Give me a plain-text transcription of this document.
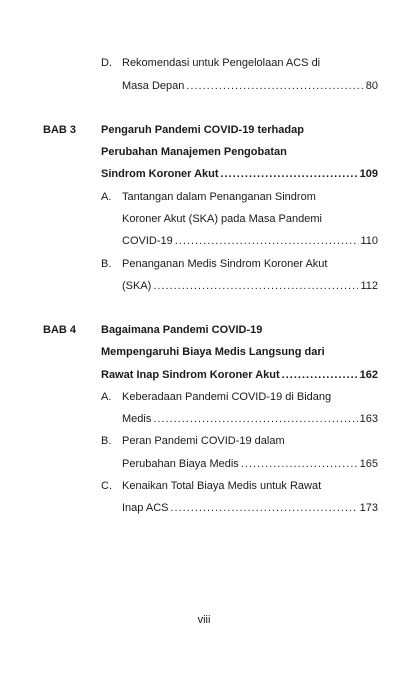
D. Rekomendasi untuk Pengelolaan ACS di
Masa Depan .....	80
BAB 3 Pengaruh Pandemi COVID-19 terhadap
Perubahan Manajemen Pengobatan
Sindrom Koroner Akut .....	109
A. Tantangan dalam Penanganan Sindrom
Koroner Akut (SKA) pada Masa Pandemi
COVID-19 .....	110
B. Penanganan Medis Sindrom Koroner Akut
(SKA) .....	112
BAB 4 Bagaimana Pandemi COVID-19
Mempengaruhi Biaya Medis Langsung dari
Rawat Inap Sindrom Koroner Akut .....	162
A. Keberadaan Pandemi COVID-19 di Bidang
Medis .....	163
B. Peran Pandemi COVID-19 dalam
Perubahan Biaya Medis .....	165
C. Kenaikan Total Biaya Medis untuk Rawat
Inap ACS .....	173
viii
